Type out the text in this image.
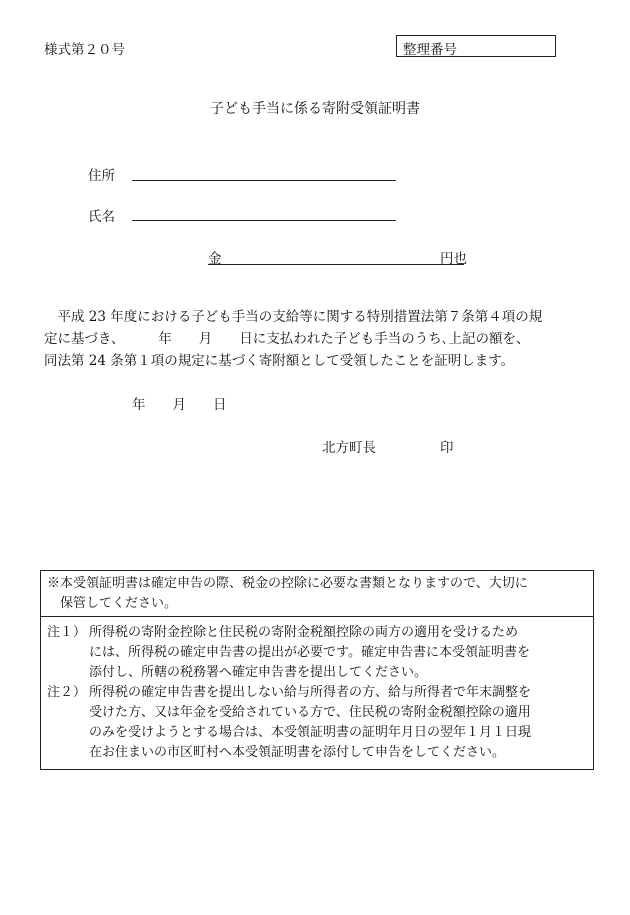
様式第２０号	整理番号
子ども手当に係る寄附受領証明書
住所
氏名
金	円也
　平成 23 年度における子ども手当の支給等に関する特別措置法第７条第４項の規
定に基づき、　　　年　　月　　日に支払われた子ども手当のうち､上記の額を、
同法第 24 条第１項の規定に基づく寄附額として受領したことを証明します。
年　　月　　日
北方町長	印
※本受領証明書は確定申告の際、税金の控除に必要な書類となりますので、大切に
　保管してください。
注１） 所得税の寄附金控除と住民税の寄附金税額控除の両方の適用を受けるため
には、所得税の確定申告書の提出が必要です。確定申告書に本受領証明書を
添付し、所轄の税務署へ確定申告書を提出してください。
注２） 所得税の確定申告書を提出しない給与所得者の方、給与所得者で年末調整を
受けた方、又は年金を受給されている方で、住民税の寄附金税額控除の適用
のみを受けようとする場合は、本受領証明書の証明年月日の翌年１月１日現
在お住まいの市区町村へ本受領証明書を添付して申告をしてください。
